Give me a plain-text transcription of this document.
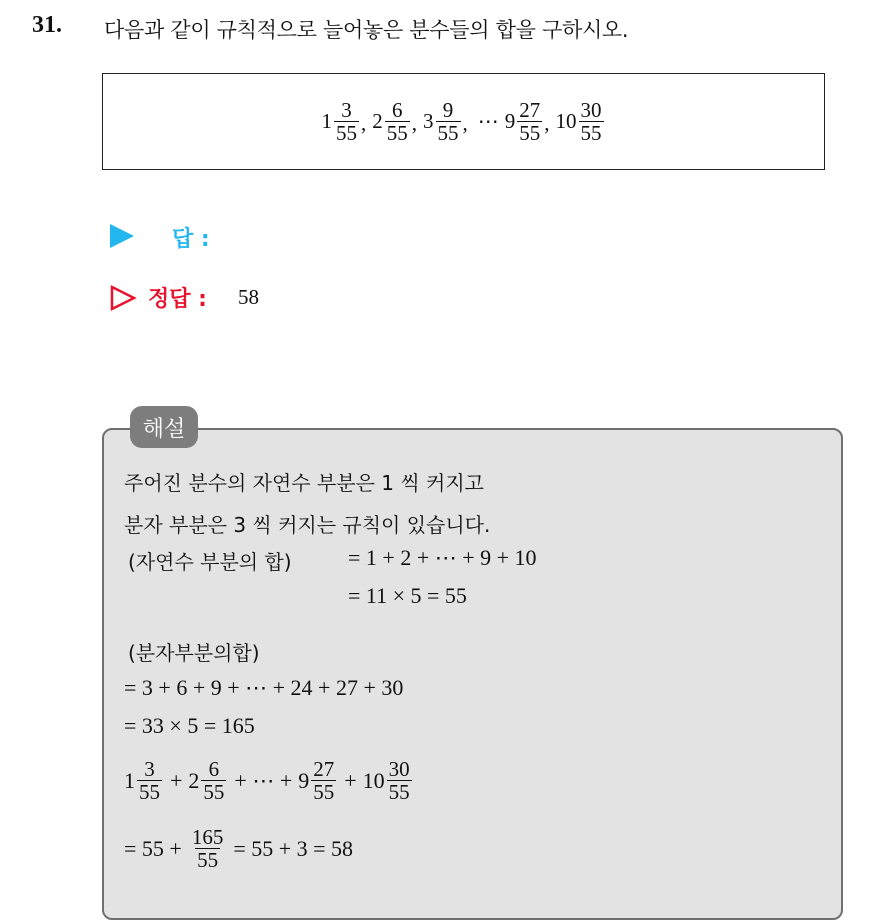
31. 다음과 같이 규칙적으로 늘어놓은 분수들의 합을 구하시오.
$1 \frac{3}{55}$ , $2 \frac{6}{55}$ , $3 \frac{9}{55}$ , ⋯ $9 \frac{27}{55}$ , $10 \frac{30}{55}$
답 :
정답 : 58
해설
주어진 분수의 자연수 부분은 1 씩 커지고
분자 부분은 3 씩 커지는 규칙이 있습니다.
(자연수 부분의 합)	= 1 + 2 + ⋯ + 9 + 10
= 11 × 5 = 55
(분자부분의합)
= 3 + 6 + 9 + ⋯ + 24 + 27 + 30
= 33 × 5 = 165
$1 \frac{3}{55} + 2 \frac{6}{55}$ + ⋯ + $9 \frac{27}{55} + 10 \frac{30}{55}$
= $55 + \frac{165}{55} = 55 + 3 = 58$
